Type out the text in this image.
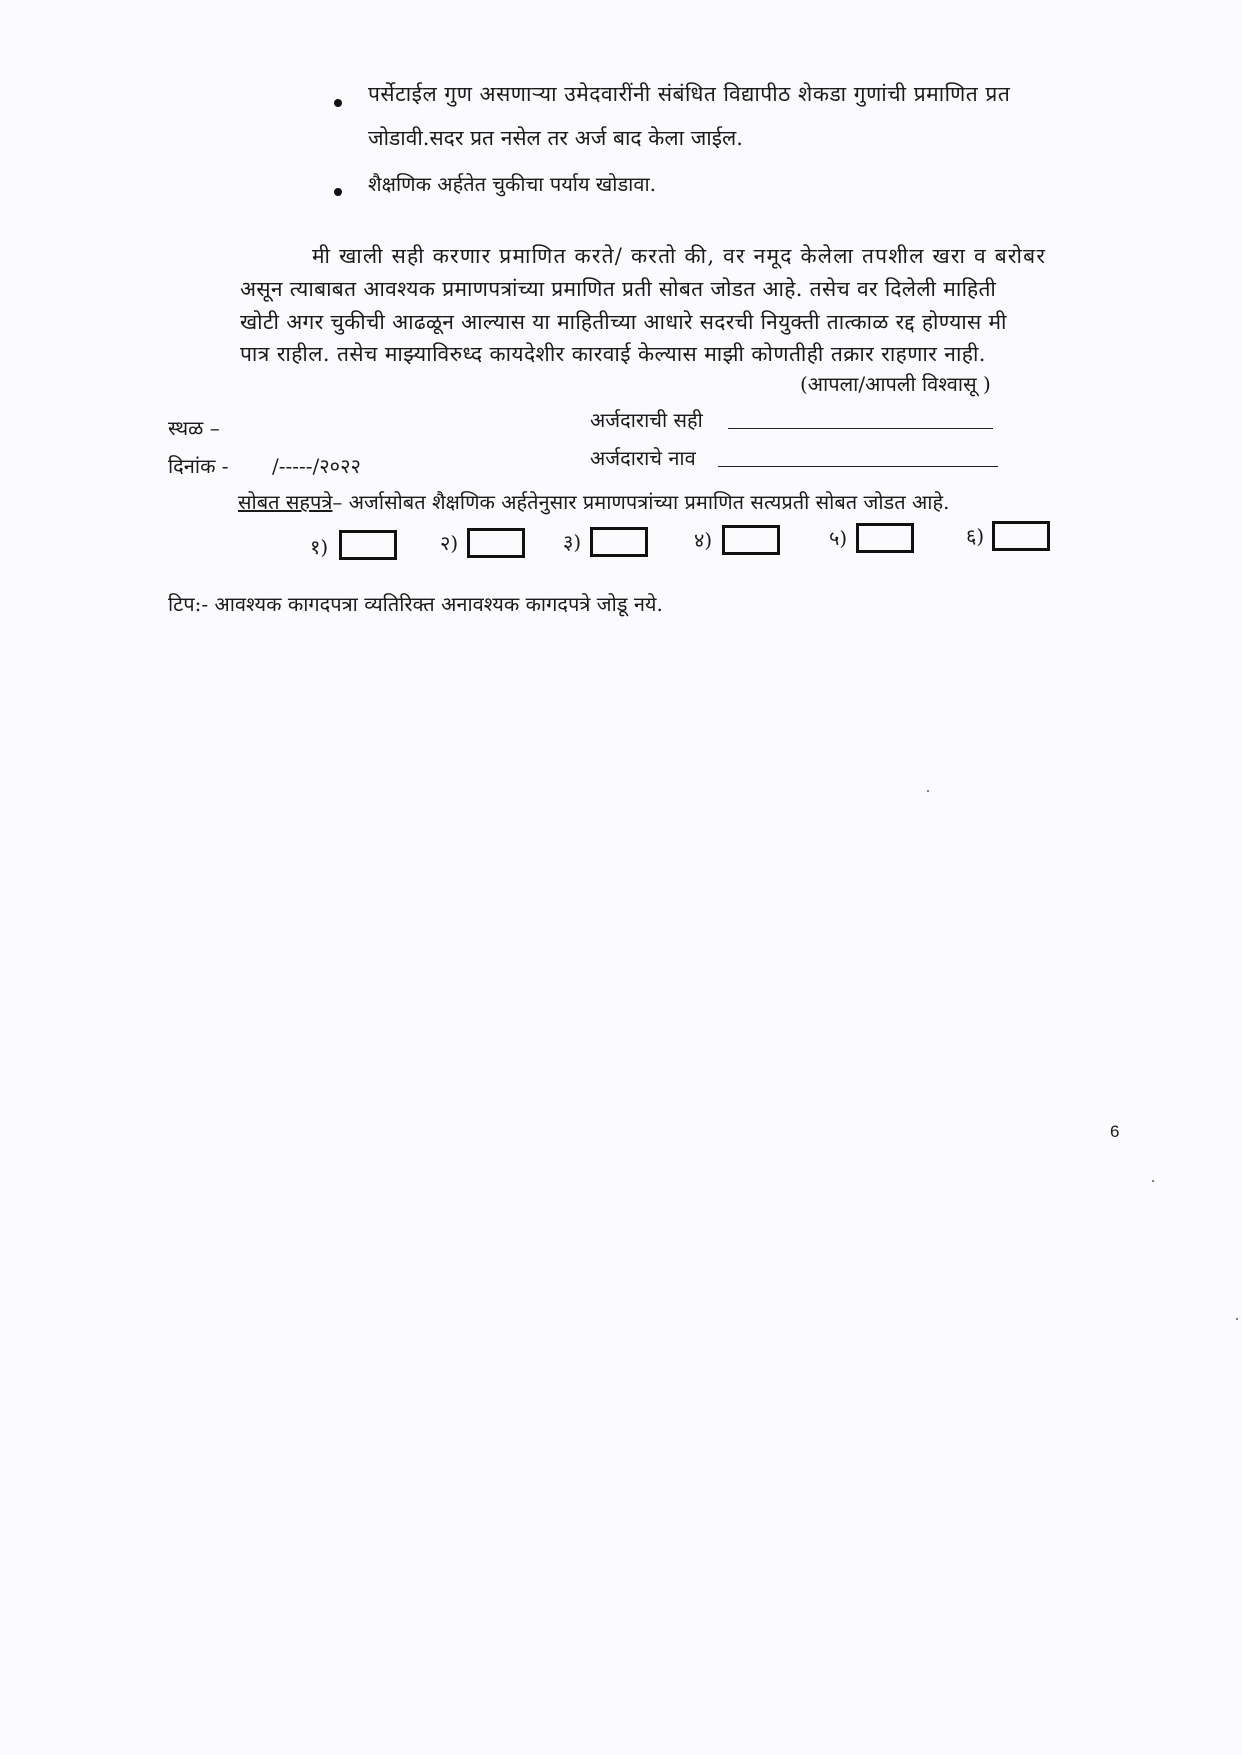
पर्सेटाईल गुण असणाऱ्या उमेदवारींनी संबंधित विद्यापीठ शेकडा गुणांची प्रमाणित प्रत
जोडावी.सदर प्रत नसेल तर अर्ज बाद केला जाईल.
शैक्षणिक अर्हतेत चुकीचा पर्याय खोडावा.
मी खाली सही करणार प्रमाणित करते/ करतो की, वर नमूद केलेला तपशील खरा व बरोबर
असून त्याबाबत आवश्यक प्रमाणपत्रांच्या प्रमाणित प्रती सोबत जोडत आहे. तसेच वर दिलेली माहिती
खोटी अगर चुकीची आढळून आल्यास या माहितीच्या आधारे सदरची नियुक्ती तात्काळ रद्द होण्यास मी
पात्र राहील. तसेच माझ्याविरुध्द कायदेशीर कारवाई केल्यास माझी कोणतीही तक्रार राहणार नाही.
(आपला/आपली विश्वासू )
स्थळ –	अर्जदाराची सही
दिनांक - /-----/२०२२	अर्जदाराचे नाव
सोबत सहपत्रे– अर्जासोबत शैक्षणिक अर्हतेनुसार प्रमाणपत्रांच्या प्रमाणित सत्यप्रती सोबत जोडत आहे.
१)	२)	३)	४)	५)	६)
टिप:- आवश्यक कागदपत्रा व्यतिरिक्त अनावश्यक कागदपत्रे जोडू नये.
6
